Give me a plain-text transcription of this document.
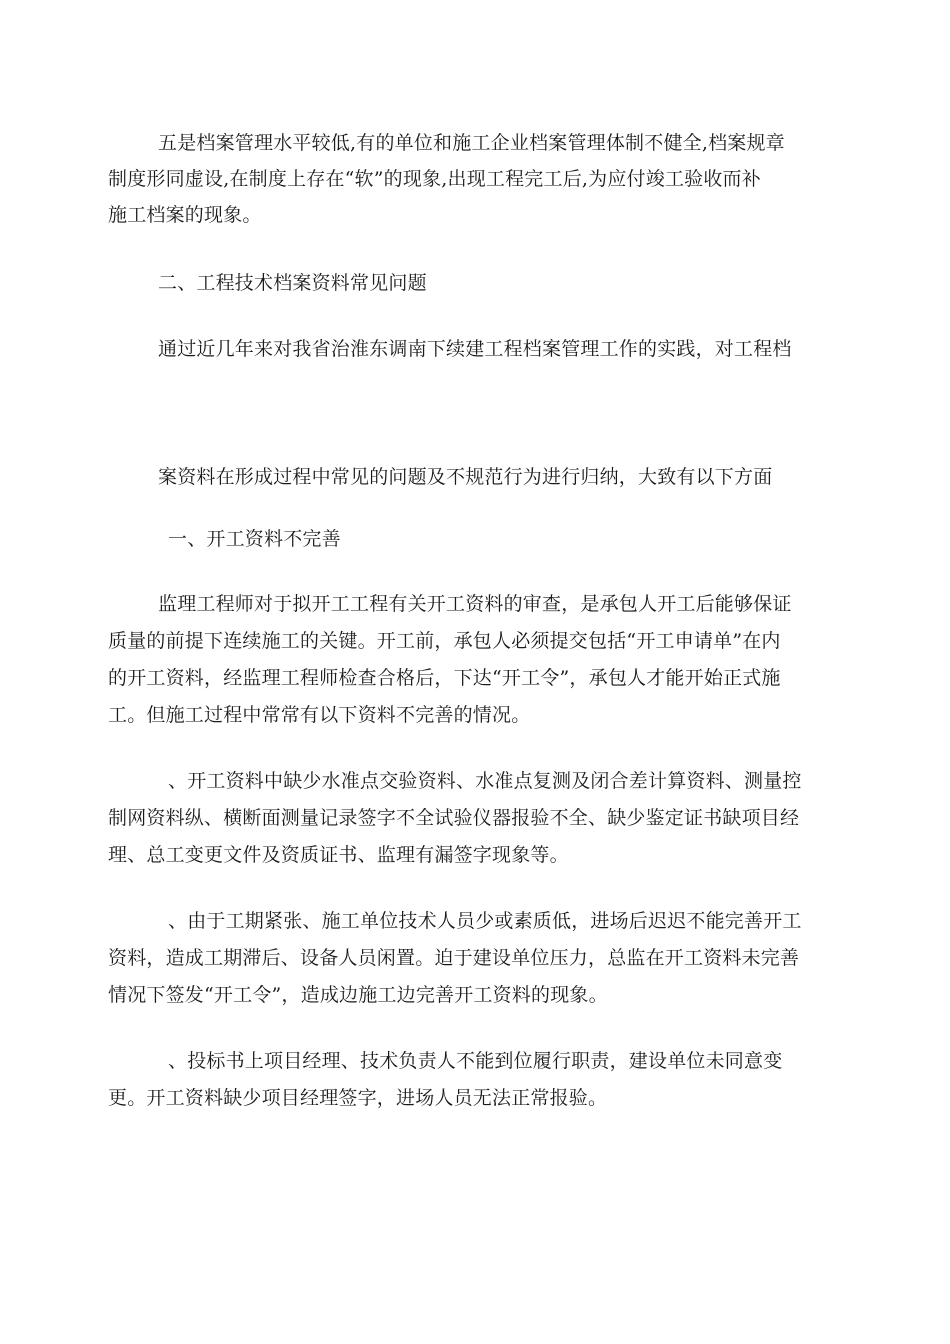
五是档案管理水平较低,有的单位和施工企业档案管理体制不健全,档案规章
制度形同虚设,在制度上存在“软”的现象,出现工程完工后,为应付竣工验收而补
施工档案的现象。
二、工程技术档案资料常见问题
通过近几年来对我省治淮东调南下续建工程档案管理工作的实践，对工程档
案资料在形成过程中常见的问题及不规范行为进行归纳，大致有以下方面
一、开工资料不完善
监理工程师对于拟开工工程有关开工资料的审查，是承包人开工后能够保证
质量的前提下连续施工的关键。开工前，承包人必须提交包括“开工申请单”在内
的开工资料，经监理工程师检查合格后，下达“开工令”，承包人才能开始正式施
工。但施工过程中常常有以下资料不完善的情况。
、开工资料中缺少水准点交验资料、水准点复测及闭合差计算资料、测量控
制网资料纵、横断面测量记录签字不全试验仪器报验不全、缺少鉴定证书缺项目经
理、总工变更文件及资质证书、监理有漏签字现象等。
、由于工期紧张、施工单位技术人员少或素质低，进场后迟迟不能完善开工
资料，造成工期滞后、设备人员闲置。迫于建设单位压力，总监在开工资料未完善
情况下签发“开工令”，造成边施工边完善开工资料的现象。
、投标书上项目经理、技术负责人不能到位履行职责，建设单位未同意变
更。开工资料缺少项目经理签字，进场人员无法正常报验。
